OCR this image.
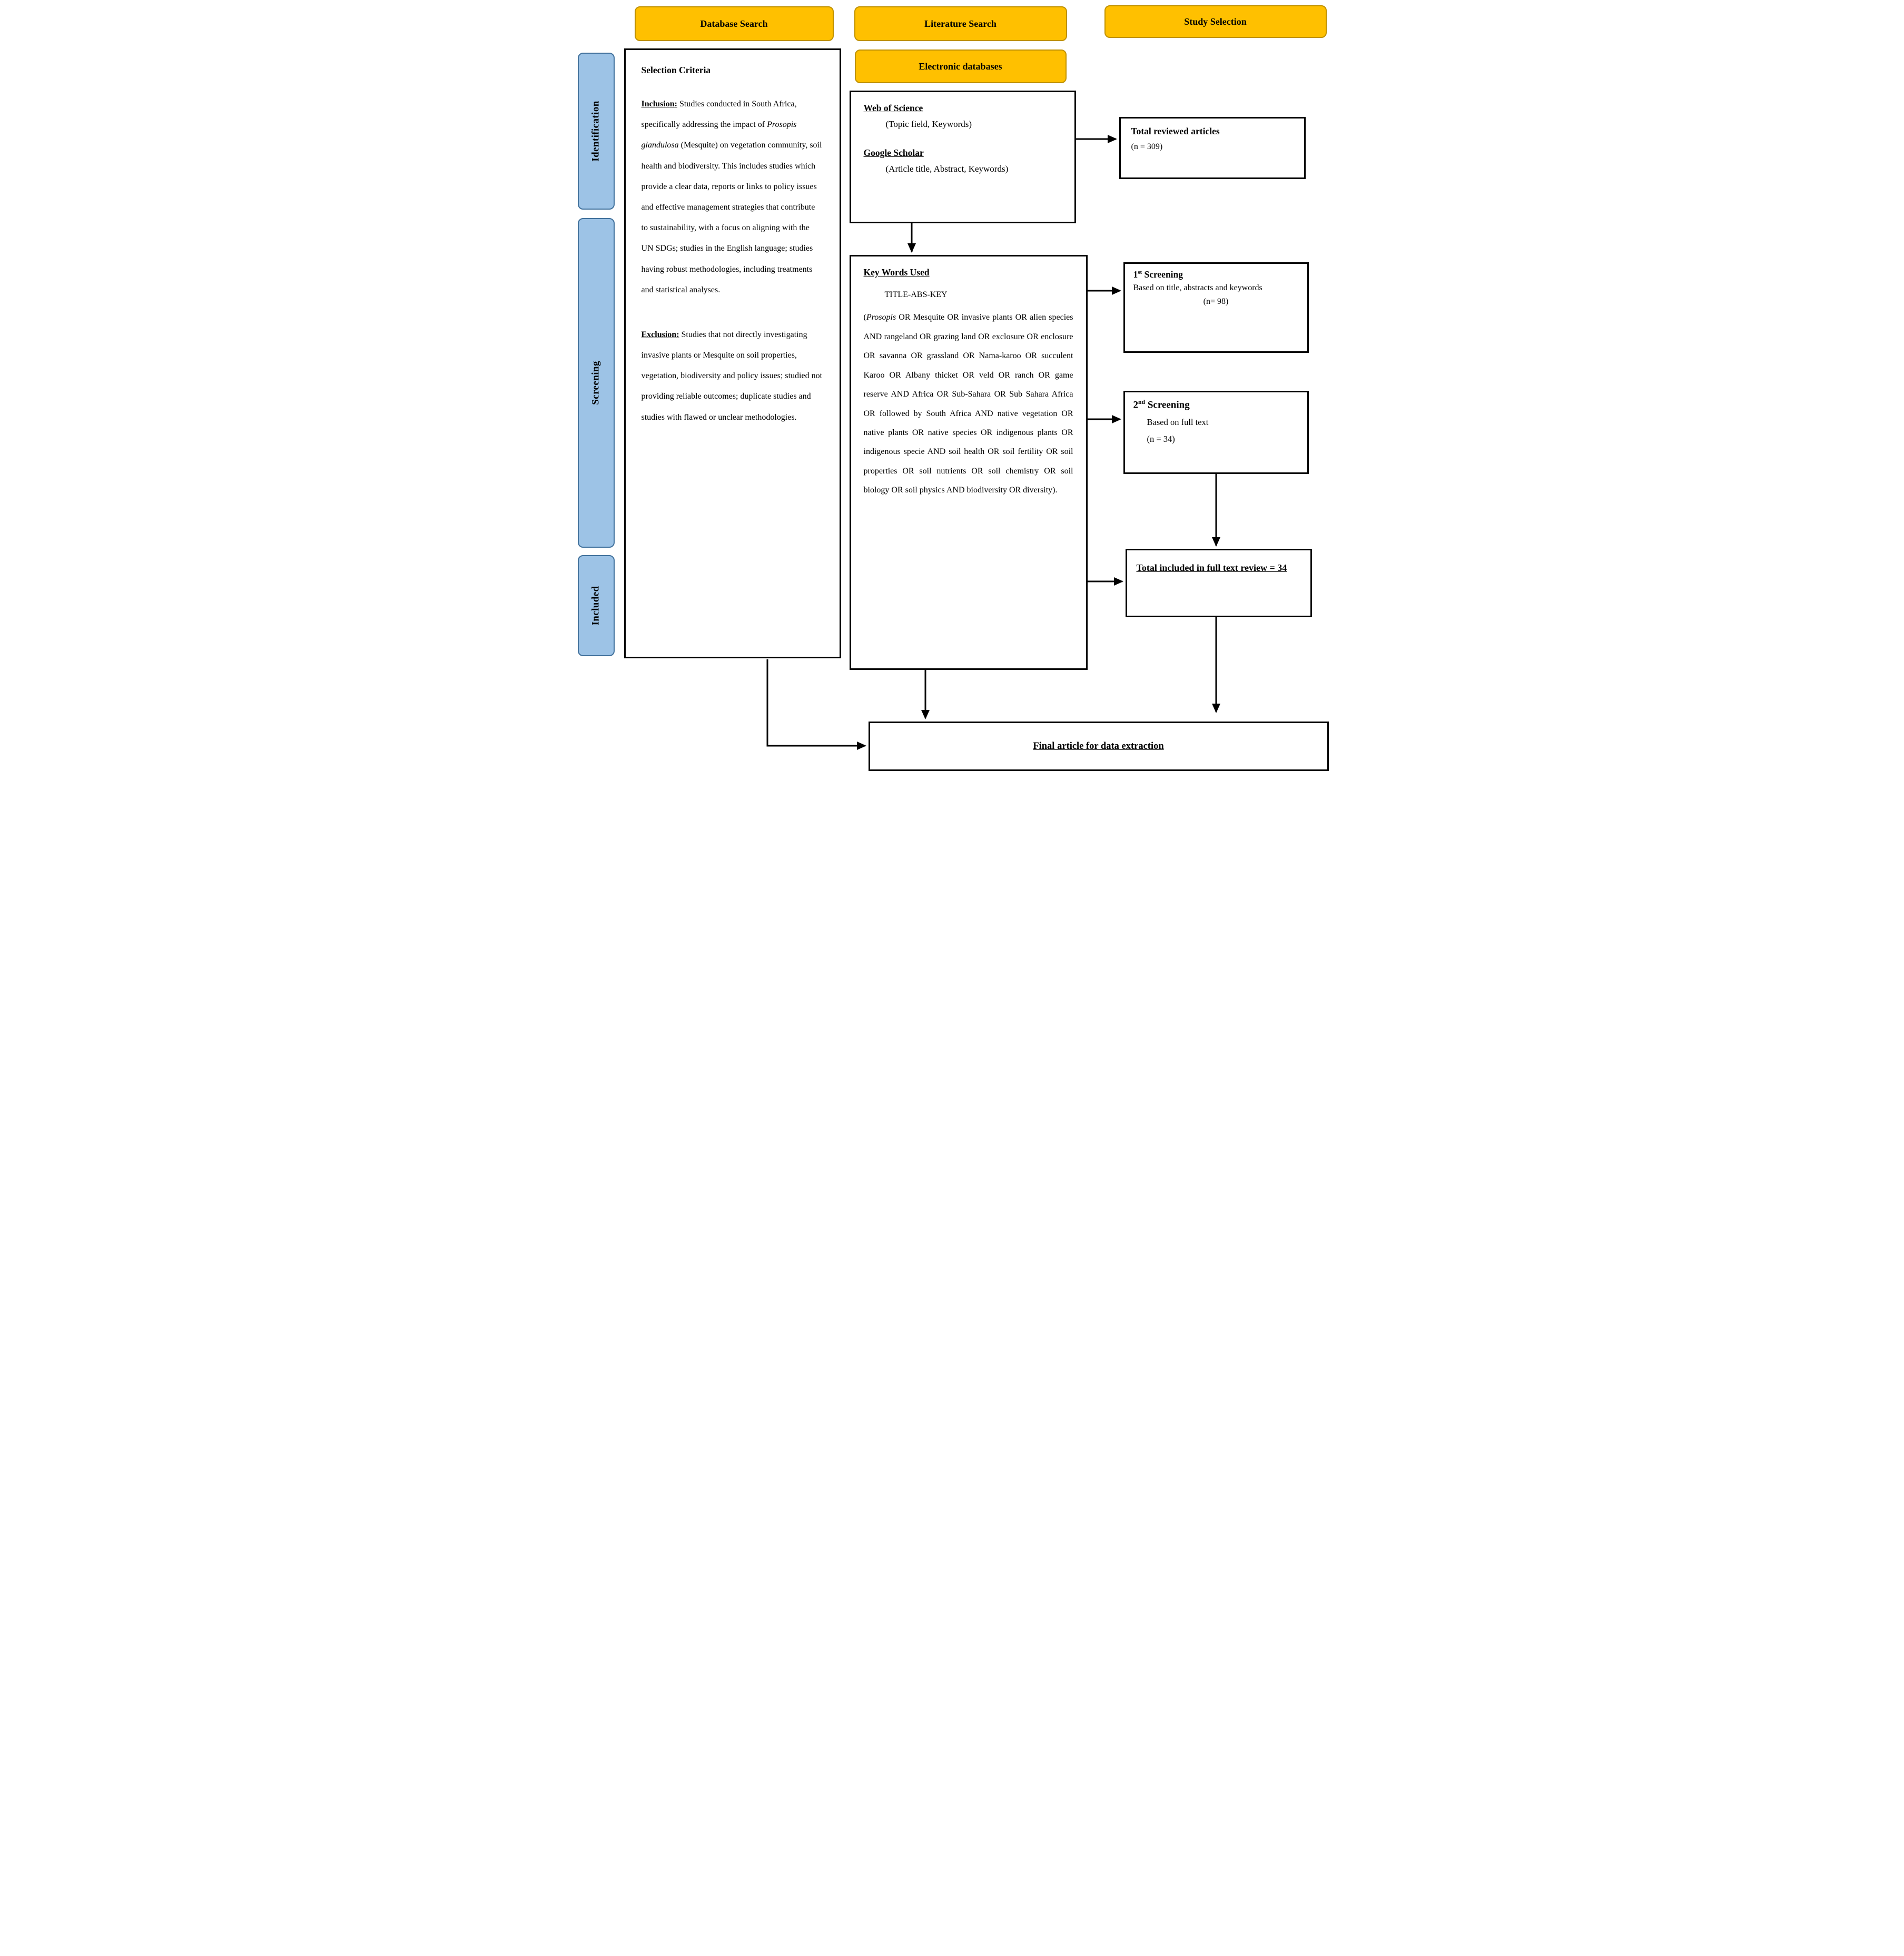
Database Search	Literature Search	Study Selection
Electronic databases
Identification
Screening
Included
Selection Criteria

Inclusion: Studies conducted in South Africa, specifically addressing the impact of Prosopis glandulosa (Mesquite) on vegetation community, soil health and biodiversity. This includes studies which provide a clear data, reports or links to policy issues and effective management strategies that contribute to sustainability, with a focus on aligning with the UN SDGs; studies in the English language; studies having robust methodologies, including treatments and statistical analyses.

Exclusion: Studies that not directly investigating invasive plants or Mesquite on soil properties, vegetation, biodiversity and policy issues; studied not providing reliable outcomes; duplicate studies and studies with flawed or unclear methodologies.

Web of Science
(Topic field, Keywords)
Google Scholar
(Article title, Abstract, Keywords)
Key Words Used
TITLE-ABS-KEY
(Prosopis OR Mesquite OR invasive plants OR alien species AND rangeland OR grazing land OR exclosure OR enclosure OR savanna OR grassland OR Nama-karoo OR succulent Karoo OR Albany thicket OR veld OR ranch OR game reserve AND Africa OR Sub-Sahara OR Sub Sahara Africa OR followed by South Africa AND native vegetation OR native plants OR native species OR indigenous plants OR indigenous specie AND soil health OR soil fertility OR soil properties OR soil nutrients OR soil chemistry OR soil biology OR soil physics AND biodiversity OR diversity).
Total reviewed articles
(n = 309)
1st Screening
Based on title, abstracts and keywords
(n= 98)
2nd Screening
Based on full text
(n = 34)
Total included in full text review = 34
Final article for data extraction
